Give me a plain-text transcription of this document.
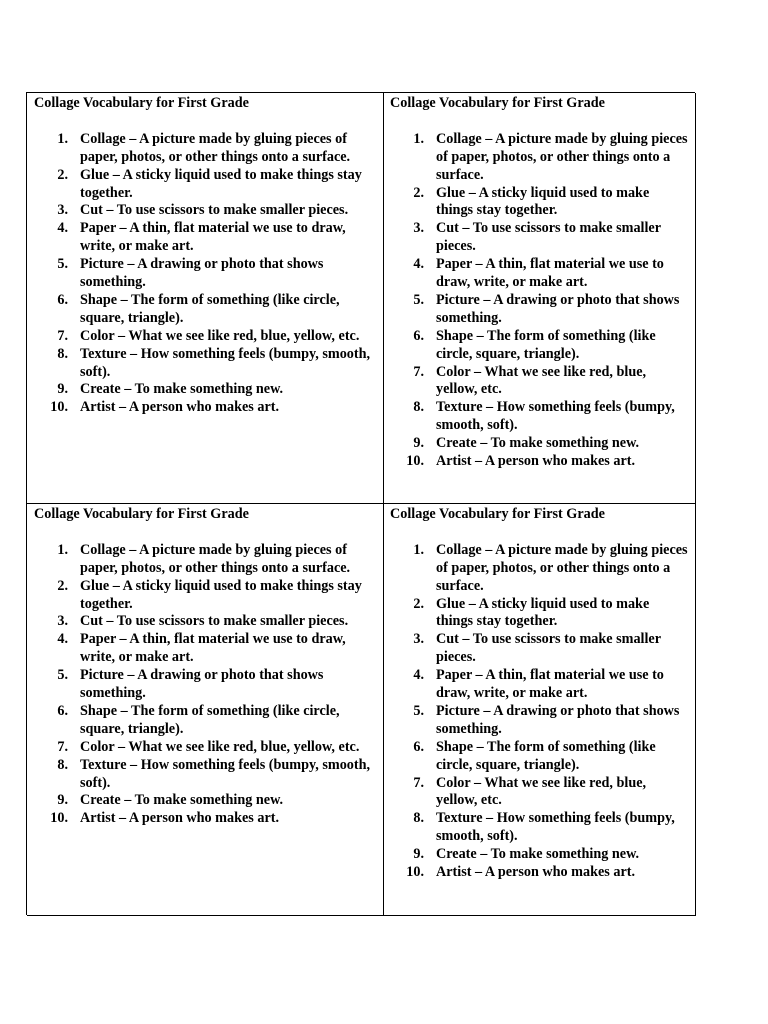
Collage Vocabulary for First Grade
1. Collage – A picture made by gluing pieces of paper, photos, or other things onto a surface.
2. Glue – A sticky liquid used to make things stay together.
3. Cut – To use scissors to make smaller pieces.
4. Paper – A thin, flat material we use to draw, write, or make art.
5. Picture – A drawing or photo that shows something.
6. Shape – The form of something (like circle, square, triangle).
7. Color – What we see like red, blue, yellow, etc.
8. Texture – How something feels (bumpy, smooth, soft).
9. Create – To make something new.
10. Artist – A person who makes art.
Collage Vocabulary for First Grade
1. Collage – A picture made by gluing pieces of paper, photos, or other things onto a surface.
2. Glue – A sticky liquid used to make things stay together.
3. Cut – To use scissors to make smaller pieces.
4. Paper – A thin, flat material we use to draw, write, or make art.
5. Picture – A drawing or photo that shows something.
6. Shape – The form of something (like circle, square, triangle).
7. Color – What we see like red, blue, yellow, etc.
8. Texture – How something feels (bumpy, smooth, soft).
9. Create – To make something new.
10. Artist – A person who makes art.
Collage Vocabulary for First Grade
1. Collage – A picture made by gluing pieces of paper, photos, or other things onto a surface.
2. Glue – A sticky liquid used to make things stay together.
3. Cut – To use scissors to make smaller pieces.
4. Paper – A thin, flat material we use to draw, write, or make art.
5. Picture – A drawing or photo that shows something.
6. Shape – The form of something (like circle, square, triangle).
7. Color – What we see like red, blue, yellow, etc.
8. Texture – How something feels (bumpy, smooth, soft).
9. Create – To make something new.
10. Artist – A person who makes art.
Collage Vocabulary for First Grade
1. Collage – A picture made by gluing pieces of paper, photos, or other things onto a surface.
2. Glue – A sticky liquid used to make things stay together.
3. Cut – To use scissors to make smaller pieces.
4. Paper – A thin, flat material we use to draw, write, or make art.
5. Picture – A drawing or photo that shows something.
6. Shape – The form of something (like circle, square, triangle).
7. Color – What we see like red, blue, yellow, etc.
8. Texture – How something feels (bumpy, smooth, soft).
9. Create – To make something new.
10. Artist – A person who makes art.
